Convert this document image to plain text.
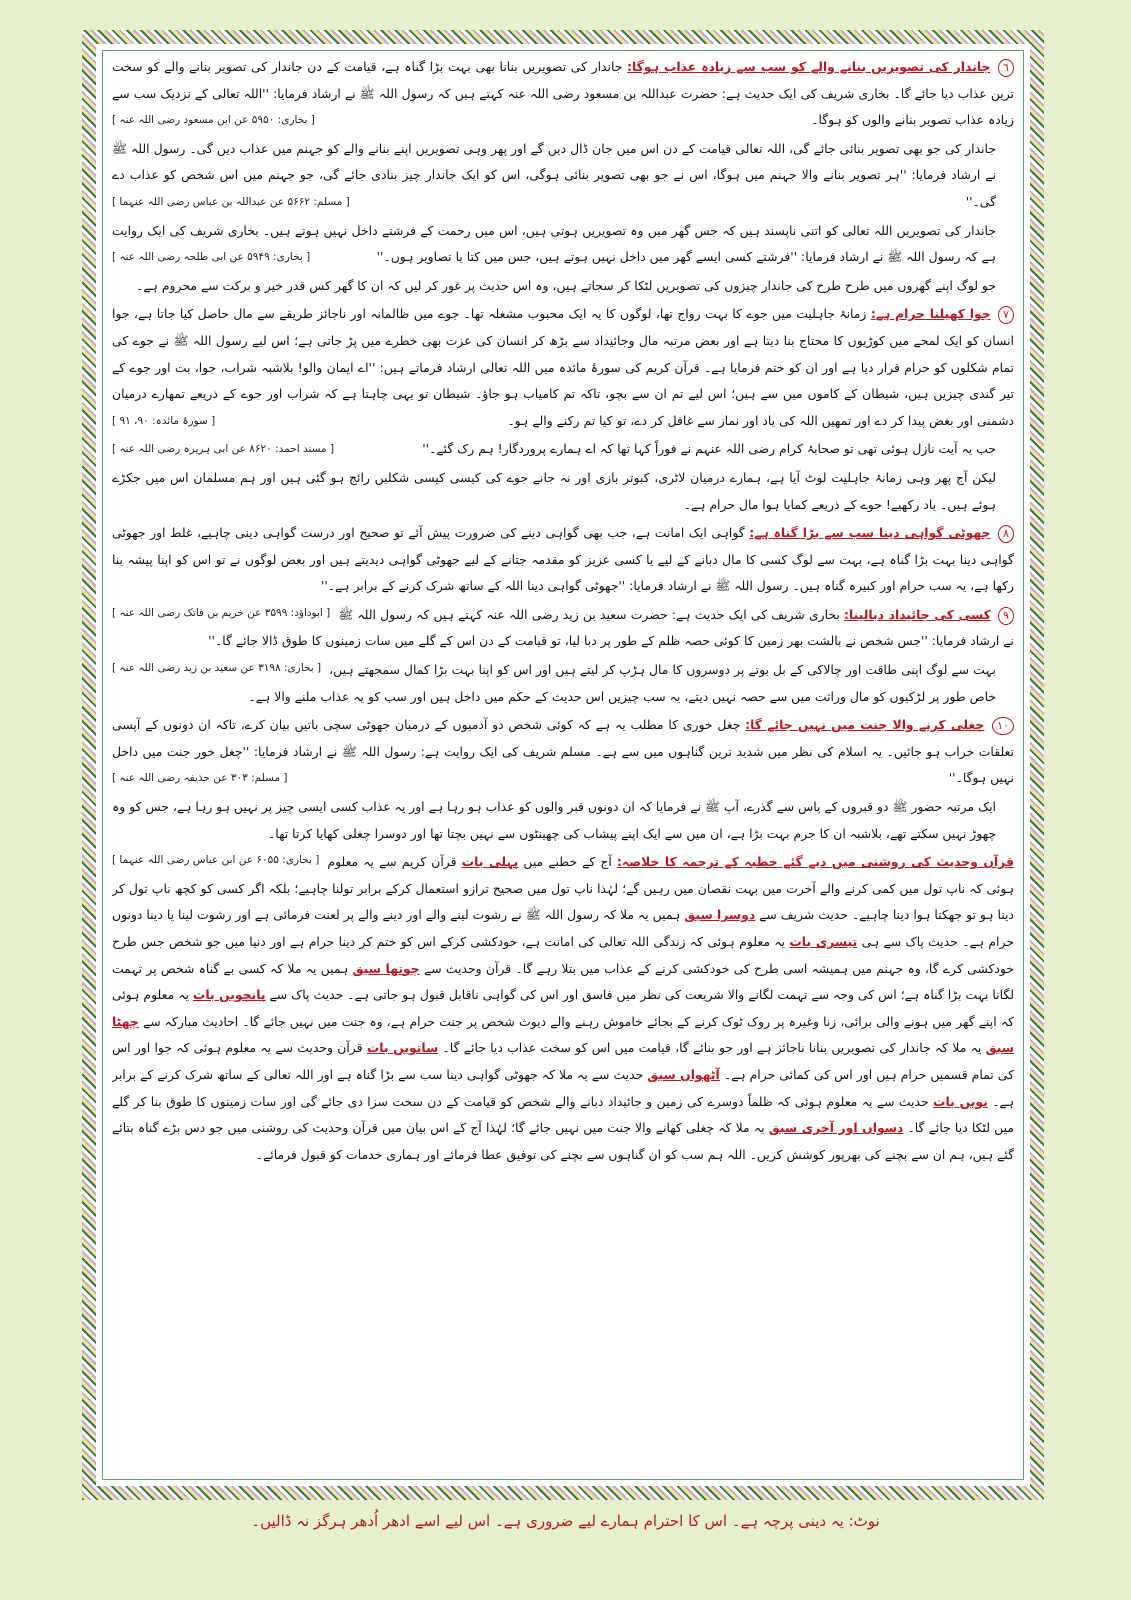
٦ جاندار کی تصویریں بنانے والے کو سب سے زیادہ عذاب ہوگا: جاندار کی تصویریں بنانا بھی بہت بڑا گناہ ہے، قیامت کے دن جاندار کی تصویر بنانے والے کو سخت ترین عذاب دیا جائے گا۔ بخاری شریف کی ایک حدیث ہے: حضرت عبداللہ بن مسعود رضی اللہ عنہ کہتے ہیں کہ رسول اللہ ﷺ نے ارشاد فرمایا: ''اللہ تعالی کے نزدیک سب سے زیادہ عذاب تصویر بنانے والوں کو ہوگا۔
[ بخاری: ۵۹۵۰ عن ابن مسعود رضی اللہ عنہ ]

جاندار کی جو بھی تصویر بنائی جائے گی، اللہ تعالی قیامت کے دن اس میں جان ڈال دیں گے اور پھر وہی تصویریں اپنے بنانے والے کو جہنم میں عذاب دیں گی۔ رسول اللہ ﷺ نے ارشاد فرمایا: ''ہر تصویر بنانے والا جہنم میں ہوگا، اس نے جو بھی تصویر بنائی ہوگی، اس کو ایک جاندار چیز بنادی جائے گی، جو جہنم میں اس شخص کو عذاب دے گی۔''
[ مسلم: ۵۶۶۲ عن عبداللہ بن عباس رضی اللہ عنہما ]

جاندار کی تصویریں اللہ تعالی کو اتنی ناپسند ہیں کہ جس گھر میں وہ تصویریں ہوتی ہیں، اس میں رحمت کے فرشتے داخل نہیں ہوتے ہیں۔ بخاری شریف کی ایک روایت ہے کہ رسول اللہ ﷺ نے ارشاد فرمایا: ''فرشتے کسی ایسے گھر میں داخل نہیں ہوتے ہیں، جس میں کتا یا تصاویر ہوں۔''
[ بخاری: ۵۹۴۹ عن ابی طلحہ رضی اللہ عنہ ]

جو لوگ اپنے گھروں میں طرح طرح کی جاندار چیزوں کی تصویریں لٹکا کر سجاتے ہیں، وہ اس حدیث پر غور کر لیں کہ ان کا گھر کس قدر خیر و برکت سے محروم ہے۔

٧ جوا کھیلنا حرام ہے: زمانۂ جاہلیت میں جوے کا بہت رواج تھا، لوگوں کا یہ ایک محبوب مشغلہ تھا۔ جوے میں ظالمانہ اور ناجائز طریقے سے مال حاصل کیا جاتا ہے، جوا انسان کو ایک لمحے میں کوڑیوں کا محتاج بنا دیتا ہے اور بعض مرتبہ مال وجائیداد سے بڑھ کر انسان کی عزت بھی خطرے میں پڑ جاتی ہے؛ اس لیے رسول اللہ ﷺ نے جوے کی تمام شکلوں کو حرام قرار دیا ہے اور ان کو ختم فرمایا ہے۔ قرآن کریم کی سورۂ مائدہ میں اللہ تعالی ارشاد فرماتے ہیں: ''اے ایمان والو! بلاشبہ شراب، جوا، بت اور جوے کے تیر گندی چیزیں ہیں، شیطان کے کاموں میں سے ہیں؛ اس لیے تم ان سے بچو، تاکہ تم کامیاب ہو جاؤ۔ شیطان تو یہی چاہتا ہے کہ شراب اور جوے کے ذریعے تمھارے درمیان دشمنی اور بغض پیدا کر دے اور تمھیں اللہ کی یاد اور نماز سے غافل کر دے، تو کیا تم رکنے والے ہو۔
[ سورۂ مائدہ: ۹۰، ۹۱ ]

جب یہ آیت نازل ہوئی تھی تو صحابۂ کرام رضی اللہ عنہم نے فوراً کہا تھا کہ اے ہمارے پروردگار! ہم رک گئے۔''
[ مسند احمد: ۸۶۲۰ عن ابی ہریرہ رضی اللہ عنہ ]

لیکن آج پھر وہی زمانۂ جاہلیت لوٹ آیا ہے، ہمارے درمیان لاٹری، کبوتر بازی اور نہ جانے جوے کی کیسی کیسی شکلیں رائج ہو گئی ہیں اور ہم مسلمان اس میں جکڑے ہوئے ہیں۔ یاد رکھیے! جوے کے ذریعے کمایا ہوا مال حرام ہے۔

٨ جھوٹی گواہی دینا سب سے بڑا گناہ ہے: گواہی ایک امانت ہے، جب بھی گواہی دینے کی ضرورت پیش آئے تو صحیح اور درست گواہی دینی چاہیے، غلط اور جھوٹی گواہی دینا بہت بڑا گناہ ہے، بہت سے لوگ کسی کا مال دبانے کے لیے یا کسی عزیز کو مقدمہ جتانے کے لیے جھوٹی گواہی دیدیتے ہیں اور بعض لوگوں نے تو اس کو اپنا پیشہ بنا رکھا ہے، یہ سب حرام اور کبیرہ گناہ ہیں۔ رسول اللہ ﷺ نے ارشاد فرمایا: ''جھوٹی گواہی دینا اللہ کے ساتھ شرک کرنے کے برابر ہے۔''
[ ابوداؤد: ۳۵۹۹ عن خریم بن فاتک رضی اللہ عنہ ]	٩ کسی کی جائیداد دبالینا: بخاری شریف کی ایک حدیث ہے: حضرت سعید بن زید رضی اللہ عنہ کہتے ہیں کہ رسول اللہ ﷺ نے ارشاد فرمایا: ''جس شخص نے بالشت بھر زمین کا کوئی حصہ ظلم کے طور پر دبا لیا، تو قیامت کے دن اس کے گلے میں سات زمینوں کا طوق ڈالا جائے گا۔''
[ بخاری: ۳۱۹۸ عن سعید بن زید رضی اللہ عنہ ] بہت سے لوگ اپنی طاقت اور چالاکی کے بل بوتے پر دوسروں کا مال ہڑپ کر لیتے ہیں اور اس کو اپنا بہت بڑا کمال سمجھتے ہیں، خاص طور پر لڑکیوں کو مال وراثت میں سے حصہ نہیں دیتے، یہ سب چیزیں اس حدیث کے حکم میں داخل ہیں اور سب کو یہ عذاب ملنے والا ہے۔

١٠ چغلی کرنے والا جنت میں نہیں جائے گا: چغل خوری کا مطلب یہ ہے کہ کوئی شخص دو آدمیوں کے درمیان جھوٹی سچی باتیں بیان کرے، تاکہ ان دونوں کے آپسی تعلقات خراب ہو جائیں۔ یہ اسلام کی نظر میں شدید ترین گناہوں میں سے ہے۔ مسلم شریف کی ایک روایت ہے: رسول اللہ ﷺ نے ارشاد فرمایا: ''چغل خور جنت میں داخل نہیں ہوگا۔''
[ مسلم: ۳۰۳ عن حذیفہ رضی اللہ عنہ ]

ایک مرتبہ حضور ﷺ دو قبروں کے پاس سے گذرے، آپ ﷺ نے فرمایا کہ ان دونوں قبر والوں کو عذاب ہو رہا ہے اور یہ عذاب کسی ایسی چیز پر نہیں ہو رہا ہے، جس کو وہ چھوڑ نہیں سکتے تھے، بلاشبہ ان کا جرم بہت بڑا ہے، ان میں سے ایک اپنے پیشاب کی چھینٹوں سے نہیں بچتا تھا اور دوسرا چغلی کھایا کرتا تھا۔
[ بخاری: ۶۰۵۵ عن ابن عباس رضی اللہ عنہما ]	قرآن وحدیث کی روشنی میں دیے گئے خطبہ کے ترجمہ کا خلاصہ: آج کے خطبے میں پہلی بات قرآن کریم سے یہ معلوم ہوئی کہ ناپ تول میں کمی کرنے والے آخرت میں بہت نقصان میں رہیں گے؛ لہٰذا ناپ تول میں صحیح ترازو استعمال کرکے برابر تولنا چاہیے؛ بلکہ اگر کسی کو کچھ ناپ تول کر دینا ہو تو جھکتا ہوا دینا چاہیے۔ حدیث شریف سے دوسرا سبق ہمیں یہ ملا کہ رسول اللہ ﷺ نے رشوت لینے والے اور دینے والے پر لعنت فرمائی ہے اور رشوت لینا یا دینا دونوں حرام ہے۔ حدیث پاک سے ہی تیسری بات یہ معلوم ہوئی کہ زندگی اللہ تعالی کی امانت ہے، خودکشی کرکے اس کو ختم کر دینا حرام ہے اور دنیا میں جو شخص جس طرح خودکشی کرے گا، وہ جہنم میں ہمیشہ اسی طرح کی خودکشی کرنے کے عذاب میں بتلا رہے گا۔ قرآن وحدیث سے چوتھا سبق ہمیں یہ ملا کہ کسی بے گناہ شخص پر تہمت لگانا بہت بڑا گناہ ہے؛ اس کی وجہ سے تہمت لگانے والا شریعت کی نظر میں فاسق اور اس کی گواہی ناقابل قبول ہو جاتی ہے۔ حدیث پاک سے پانچویں بات یہ معلوم ہوئی کہ اپنے گھر میں ہونے والی برائی، زنا وغیرہ پر روک ٹوک کرنے کے بجائے خاموش رہنے والے دیوث شخص پر جنت حرام ہے، وہ جنت میں نہیں جائے گا۔ احادیث مبارکہ سے چھٹا سبق یہ ملا کہ جاندار کی تصویریں بنانا ناجائز ہے اور جو بنائے گا، قیامت میں اس کو سخت عذاب دیا جائے گا۔ ساتویں بات قرآن وحدیث سے یہ معلوم ہوئی کہ جوا اور اس کی تمام قسمیں حرام ہیں اور اس کی کمائی حرام ہے۔ آٹھواں سبق حدیث سے یہ ملا کہ جھوٹی گواہی دینا سب سے بڑا گناہ ہے اور اللہ تعالی کے ساتھ شرک کرنے کے برابر ہے۔ نویں بات حدیث سے یہ معلوم ہوئی کہ ظلماً دوسرے کی زمین و جائیداد دبانے والے شخص کو قیامت کے دن سخت سزا دی جائے گی اور سات زمینوں کا طوق بنا کر گلے میں لٹکا دیا جائے گا۔ دسواں اور آخری سبق یہ ملا کہ چغلی کھانے والا جنت میں نہیں جائے گا؛ لہٰذا آج کے اس بیان میں قرآن وحدیث کی روشنی میں جو دس بڑے گناہ بتائے گئے ہیں، ہم ان سے بچنے کی بھرپور کوشش کریں۔ اللہ ہم سب کو ان گناہوں سے بچنے کی توفیق عطا فرمائے اور ہماری خدمات کو قبول فرمائے۔

نوٹ: یہ دینی پرچہ ہے۔ اس کا احترام ہمارے لیے ضروری ہے۔ اس لیے اسے ادھر اُدھر ہرگز نہ ڈالیں۔
